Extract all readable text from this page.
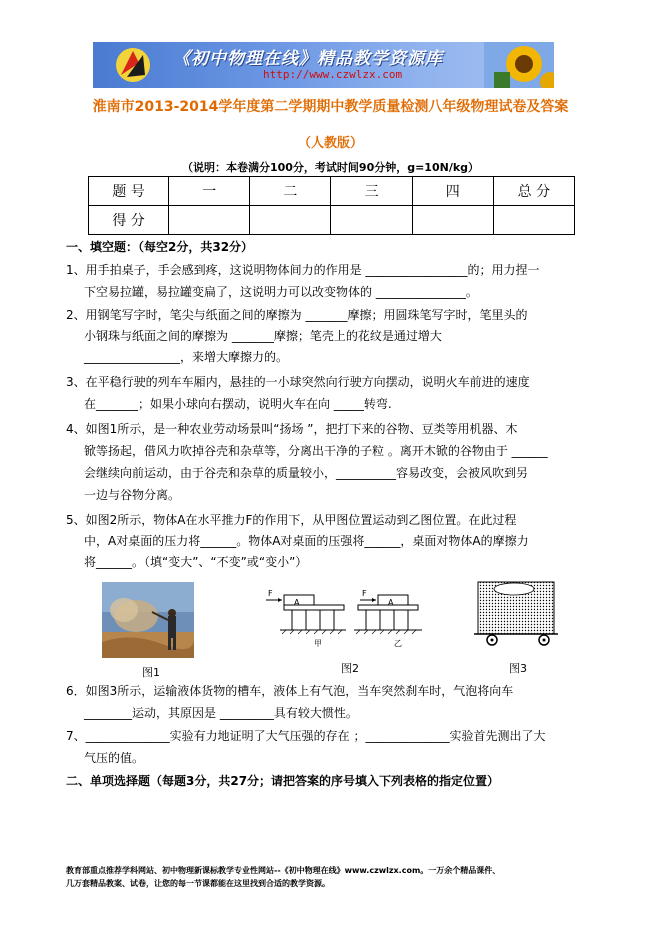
《初中物理在线》精品教学资源库
http://www.czwlzx.com
淮南市2013-2014学年度第二学期期中教学质量检测八年级物理试卷及答案
（人教版）
（说明：本卷满分100分，考试时间90分钟，g=10N/kg）
题 号	一	二	三	四	总 分
得 分					
一、填空题：（每空2分，共32分）
1、用手拍桌子，手会感到疼，这说明物体间力的作用是 _________________的；用力捏一
下空易拉罐，易拉罐变扁了，这说明力可以改变物体的 _______________。
2、用钢笔写字时，笔尖与纸面之间的摩擦为 _______摩擦；用圆珠笔写字时，笔里头的
小钢珠与纸面之间的摩擦为 _______摩擦；笔壳上的花纹是通过增大
________________，来增大摩擦力的。
3、在平稳行驶的列车车厢内，悬挂的一小球突然向行驶方向摆动，说明火车前进的速度
在_______；如果小球向右摆动，说明火车在向 _____转弯.
4、如图1所示，是一种农业劳动场景叫“扬场 ”，把打下来的谷物、豆类等用机器、木
锨等扬起，借风力吹掉谷壳和杂草等，分离出干净的子粒 。离开木锨的谷物由于 ______
会继续向前运动，由于谷壳和杂草的质量较小，__________容易改变，会被风吹到另
一边与谷物分离。
5、如图2所示，物体A在水平推力F的作用下，从甲图位置运动到乙图位置。在此过程
中，A对桌面的压力将______。物体A对桌面的压强将______，桌面对物体A的摩擦力
将______。（填“变大”、“不变”或“变小”）
F
A
F
A
甲	乙
图1	图2	图3
6．如图3所示，运输液体货物的槽车，液体上有气泡，当车突然刹车时，气泡将向车
________运动，其原因是 _________具有较大惯性。
7、______________实验有力地证明了大气压强的存在 ；______________实验首先测出了大
气压的值。
二、单项选择题（每题3分，共27分；请把答案的序号填入下列表格的指定位置）
教育部重点推荐学科网站、初中物理新课标教学专业性网站--《初中物理在线》www.czwlzx.com。一万余个精品课件、
几万套精品教案、试卷，让您的每一节课都能在这里找到合适的教学资源。
